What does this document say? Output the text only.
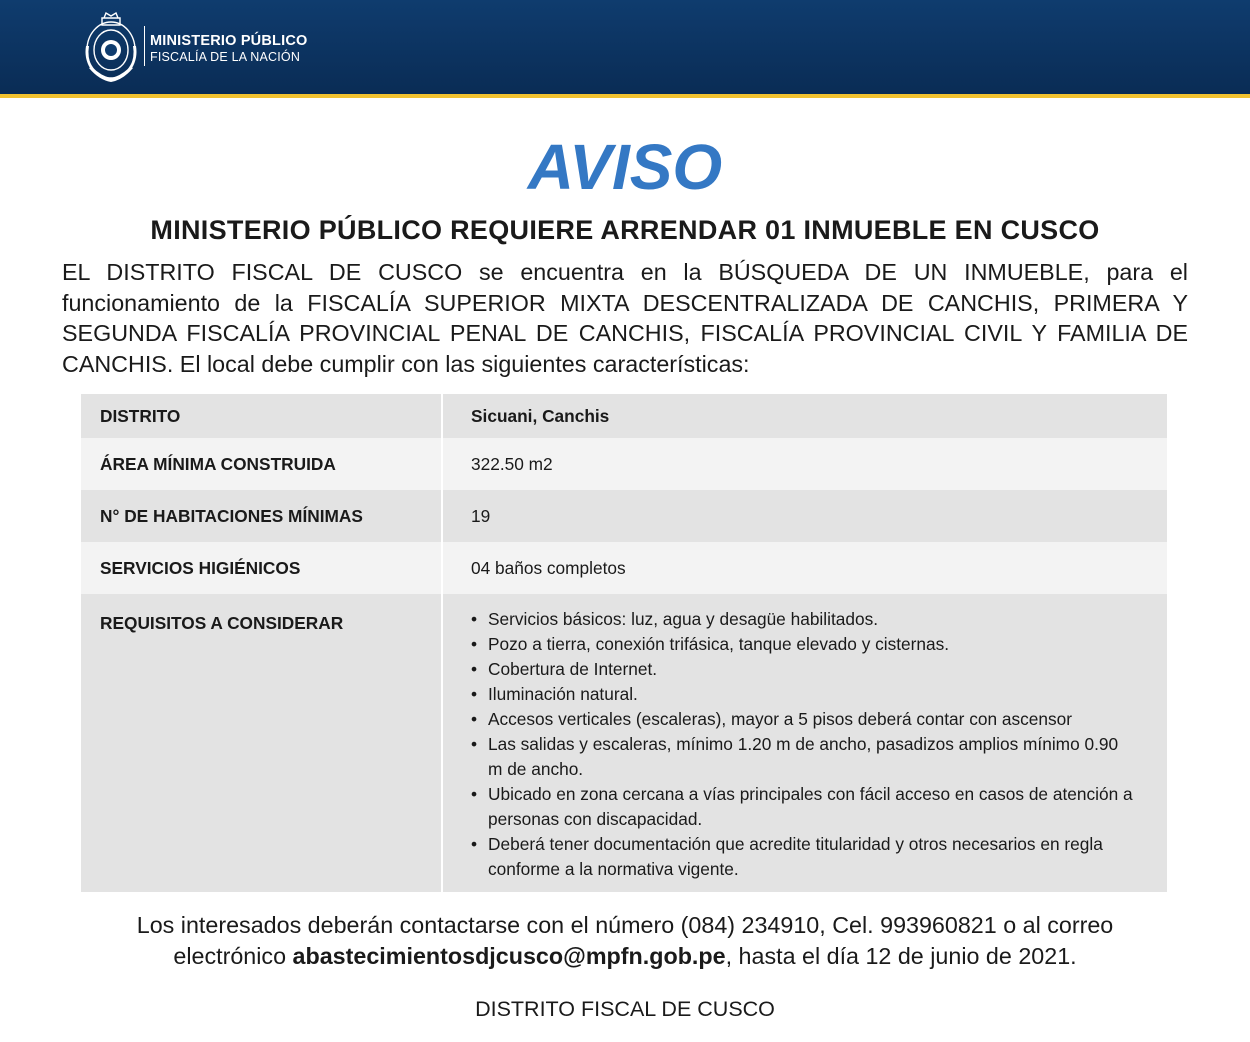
MINISTERIO PÚBLICO
FISCALÍA DE LA NACIÓN
AVISO
MINISTERIO PÚBLICO REQUIERE ARRENDAR 01 INMUEBLE EN CUSCO

EL DISTRITO FISCAL DE CUSCO se encuentra en la BÚSQUEDA DE UN INMUEBLE, para el funcionamiento de la FISCALÍA SUPERIOR MIXTA DESCENTRALIZADA DE CANCHIS, PRIMERA Y SEGUNDA FISCALÍA PROVINCIAL PENAL DE CANCHIS, FISCALÍA PROVINCIAL CIVIL Y FAMILIA DE CANCHIS. El local debe cumplir con las siguientes características:

DISTRITO	Sicuani, Canchis
ÁREA MÍNIMA CONSTRUIDA	322.50 m2
N° DE HABITACIONES MÍNIMAS	19
SERVICIOS HIGIÉNICOS	04 baños completos
REQUISITOS A CONSIDERAR
•	Servicios básicos: luz, agua y desagüe habilitados.
• Pozo a tierra, conexión trifásica, tanque elevado y cisternas.
• Cobertura de Internet.
• Iluminación natural.
• Accesos verticales (escaleras), mayor a 5 pisos deberá contar con ascensor
• Las salidas y escaleras, mínimo 1.20 m de ancho, pasadizos amplios mínimo 0.90 m de ancho.
• Ubicado en zona cercana a vías principales con fácil acceso en casos de atención a personas con discapacidad.
• Deberá tener documentación que acredite titularidad y otros necesarios en regla conforme a la normativa vigente.
Los interesados deberán contactarse con el número (084) 234910, Cel. 993960821 o al correo
electrónico abastecimientosdjcusco@mpfn.gob.pe, hasta el día 12 de junio de 2021.
DISTRITO FISCAL DE CUSCO
